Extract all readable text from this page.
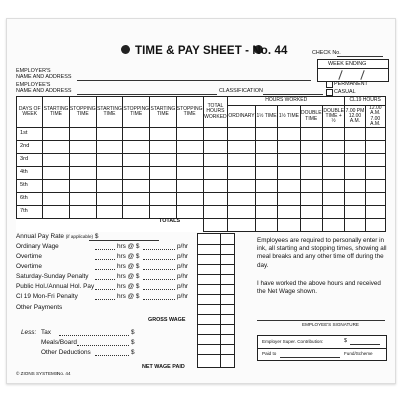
TIME & PAY SHEET - No. 44	CHECK No.
WEEK ENDING
EMPLOYER'S
NAME AND ADDRESS
EMPLOYEE'S
NAME AND ADDRESS	CLASSIFICATION
PERMANENT
CASUAL
DAYS OF WEEK	STARTING TIME	STOPPING TIME	STARTING TIME	STOPPING TIME	STARTING TIME	STOPPING TIME	TOTAL HOURS WORKED	HOURS WORKED					CL19 HOURS	
								ORDINARY	1½ TIME	1½ TIME	DOUBLE TIME	DOUBLE TIME + ½	7.00 PM 12.00 A.M.	12.00 A.M. 7.00 A.M.
1st														
2nd														
3rd														
4th														
5th														
6th														
7th														

TOTALS
Annual Pay Rate (if applicable) $
Ordinary Wage	hrs @ $	p/hr
Overtime	hrs @ $	p/hr
Overtime	hrs @ $	p/hr
Saturday-Sunday Penalty	hrs @ $	p/hr
Public Hol./Annual Hol. Pay	hrs @ $	p/hr
Cl 19 Mon-Fri Penalty	hrs @ $	p/hr
Other Payments
GROSS WAGE
Less: Tax	$
Meals/Board	$
Other Deductions	$
NET WAGE PAID
Employees are required to personally enter in ink, all starting and stopping times, showing all meal breaks and any other time off during the day.
I have worked the above hours and received the Net Wage shown.
EMPLOYEE'S SIGNATURE
Employer Super. Contribution:	$
Paid to	Fund/Scheme
© ZIONS SYSTEMS No. 44
